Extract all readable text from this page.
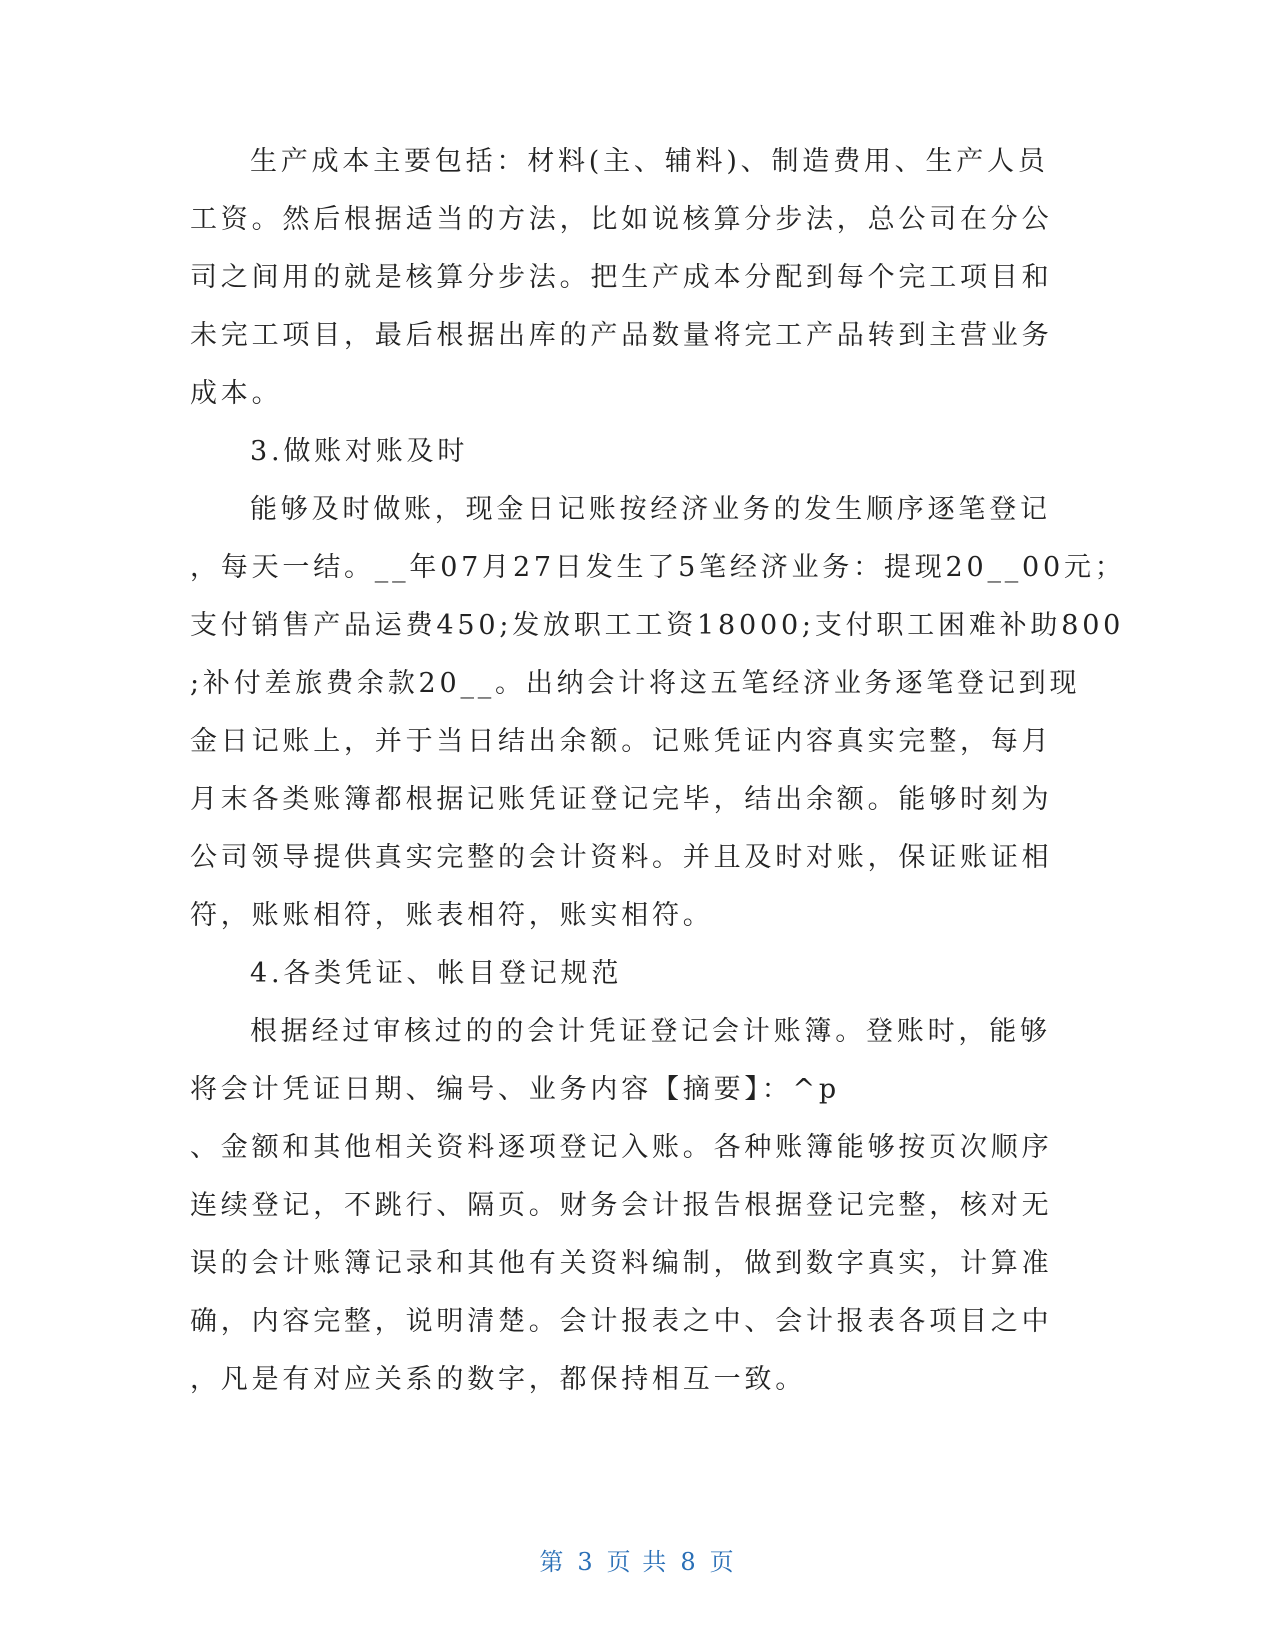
生产成本主要包括：材料(主、辅料)、制造费用、生产人员
工资。然后根据适当的方法，比如说核算分步法，总公司在分公
司之间用的就是核算分步法。把生产成本分配到每个完工项目和
未完工项目，最后根据出库的产品数量将完工产品转到主营业务
成本。
3.做账对账及时
能够及时做账，现金日记账按经济业务的发生顺序逐笔登记
，每天一结。__年07月27日发生了5笔经济业务：提现20__00元；
支付销售产品运费450;发放职工工资18000;支付职工困难补助800
;补付差旅费余款20__。出纳会计将这五笔经济业务逐笔登记到现
金日记账上，并于当日结出余额。记账凭证内容真实完整，每月
月末各类账簿都根据记账凭证登记完毕，结出余额。能够时刻为
公司领导提供真实完整的会计资料。并且及时对账，保证账证相
符，账账相符，账表相符，账实相符。
4.各类凭证、帐目登记规范
根据经过审核过的的会计凭证登记会计账簿。登账时，能够
将会计凭证日期、编号、业务内容【摘要】：^p
、金额和其他相关资料逐项登记入账。各种账簿能够按页次顺序
连续登记，不跳行、隔页。财务会计报告根据登记完整，核对无
误的会计账簿记录和其他有关资料编制，做到数字真实，计算准
确，内容完整，说明清楚。会计报表之中、会计报表各项目之中
，凡是有对应关系的数字，都保持相互一致。
第 3 页 共 8 页
